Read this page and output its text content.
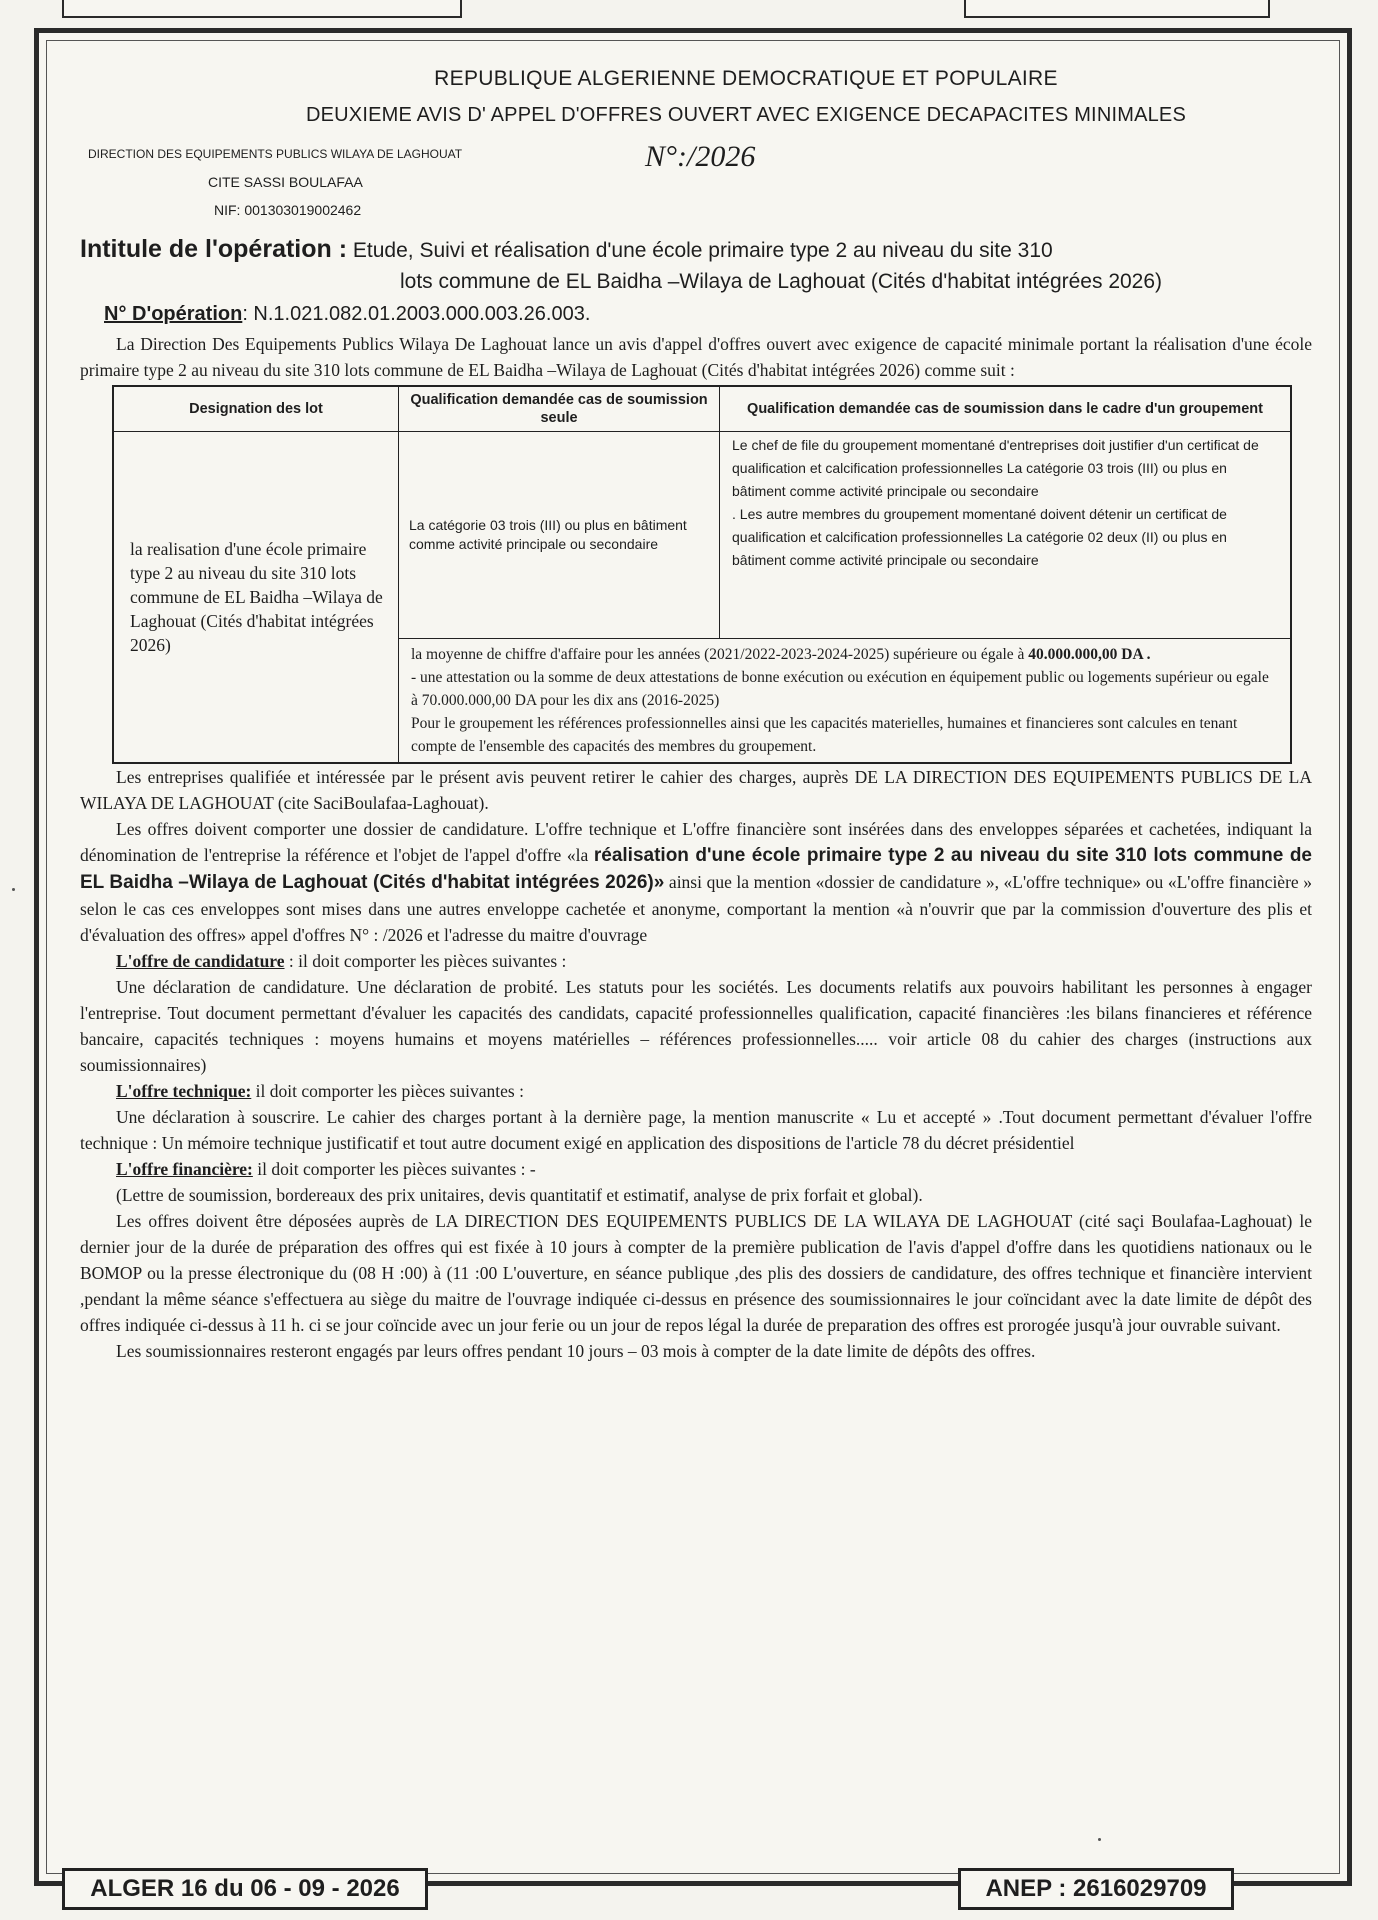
REPUBLIQUE ALGERIENNE DEMOCRATIQUE ET POPULAIRE
DEUXIEME AVIS D' APPEL D'OFFRES OUVERT AVEC EXIGENCE DECAPACITES MINIMALES
DIRECTION DES EQUIPEMENTS PUBLICS WILAYA DE LAGHOUAT
CITE SASSI BOULAFAA
NIF: 001303019002462
N°:/2026
Intitule de l'opération : Etude, Suivi et réalisation d'une école primaire type 2 au niveau du site 310
lots commune de EL Baidha –Wilaya de Laghouat (Cités d'habitat intégrées 2026)
N° D'opération: N.1.021.082.01.2003.000.003.26.003.

La Direction Des Equipements Publics Wilaya De Laghouat lance un avis d'appel d'offres ouvert avec exigence de capacité minimale portant la réalisation d'une école primaire type 2 au niveau du site 310 lots commune de EL Baidha –Wilaya de Laghouat (Cités d'habitat intégrées 2026) comme suit :

Designation des lot	Qualification demandée cas de soumission seule	Qualification demandée cas de soumission dans le cadre d'un groupement
la realisation d'une école primaire type 2 au niveau du site 310 lots commune de EL Baidha –Wilaya de Laghouat (Cités d'habitat intégrées 2026)	La catégorie 03 trois (III) ou plus en bâtiment comme activité principale ou secondaire	Le chef de file du groupement momentané d'entreprises doit justifier d'un certificat de qualification et calcification professionnelles La catégorie 03 trois (III) ou plus en bâtiment comme activité principale ou secondaire
. Les autre membres du groupement momentané doivent détenir un certificat de qualification et calcification professionnelles La catégorie 02 deux (II) ou plus en bâtiment comme activité principale ou secondaire

	la moyenne de chiffre d'affaire pour les années (2021/2022-2023-2024-2025) supérieure ou égale à 40.000.000,00 DA .
- une attestation ou la somme de deux attestations de bonne exécution ou exécution en équipement public ou logements supérieur ou egale à 70.000.000,00 DA pour les dix ans (2016-2025)
Pour le groupement les références professionnelles ainsi que les capacités materielles, humaines et financieres sont calcules en tenant compte de l'ensemble des capacités des membres du groupement.	

Les entreprises qualifiée et intéressée par le présent avis peuvent retirer le cahier des charges, auprès DE LA DIRECTION DES EQUIPEMENTS PUBLICS DE LA WILAYA DE LAGHOUAT (cite SaciBoulafaa-Laghouat).

Les offres doivent comporter une dossier de candidature. L'offre technique et L'offre financière sont insérées dans des enveloppes séparées et cachetées, indiquant la dénomination de l'entreprise la référence et l'objet de l'appel d'offre «la réalisation d'une école primaire type 2 au niveau du site 310 lots commune de EL Baidha –Wilaya de Laghouat (Cités d'habitat intégrées 2026)» ainsi que la mention «dossier de candidature », «L'offre technique» ou «L'offre financière » selon le cas ces enveloppes sont mises dans une autres enveloppe cachetée et anonyme, comportant la mention «à n'ouvrir que par la commission d'ouverture des plis et d'évaluation des offres» appel d'offres N° : /2026 et l'adresse du maitre d'ouvrage

L'offre de candidature : il doit comporter les pièces suivantes :

Une déclaration de candidature. Une déclaration de probité. Les statuts pour les sociétés. Les documents relatifs aux pouvoirs habilitant les personnes à engager l'entreprise. Tout document permettant d'évaluer les capacités des candidats, capacité professionnelles qualification, capacité financières :les bilans financieres et référence bancaire, capacités techniques : moyens humains et moyens matérielles – références professionnelles..... voir article 08 du cahier des charges (instructions aux soumissionnaires)

L'offre technique: il doit comporter les pièces suivantes :

Une déclaration à souscrire. Le cahier des charges portant à la dernière page, la mention manuscrite « Lu et accepté » .Tout document permettant d'évaluer l'offre technique : Un mémoire technique justificatif et tout autre document exigé en application des dispositions de l'article 78 du décret présidentiel

L'offre financière: il doit comporter les pièces suivantes : -

(Lettre de soumission, bordereaux des prix unitaires, devis quantitatif et estimatif, analyse de prix forfait et global).

Les offres doivent être déposées auprès de LA DIRECTION DES EQUIPEMENTS PUBLICS DE LA WILAYA DE LAGHOUAT (cité saçi Boulafaa-Laghouat) le dernier jour de la durée de préparation des offres qui est fixée à 10 jours à compter de la première publication de l'avis d'appel d'offre dans les quotidiens nationaux ou le BOMOP ou la presse électronique du (08 H :00) à (11 :00 L'ouverture, en séance publique ,des plis des dossiers de candidature, des offres technique et financière intervient ,pendant la même séance s'effectuera au siège du maitre de l'ouvrage indiquée ci-dessus en présence des soumissionnaires le jour coïncidant avec la date limite de dépôt des offres indiquée ci-dessus à 11 h. ci se jour coïncide avec un jour ferie ou un jour de repos légal la durée de preparation des offres est prorogée jusqu'à jour ouvrable suivant.

Les soumissionnaires resteront engagés par leurs offres pendant 10 jours – 03 mois à compter de la date limite de dépôts des offres.

ALGER 16 du 06 - 09 - 2026	ANEP : 2616029709
